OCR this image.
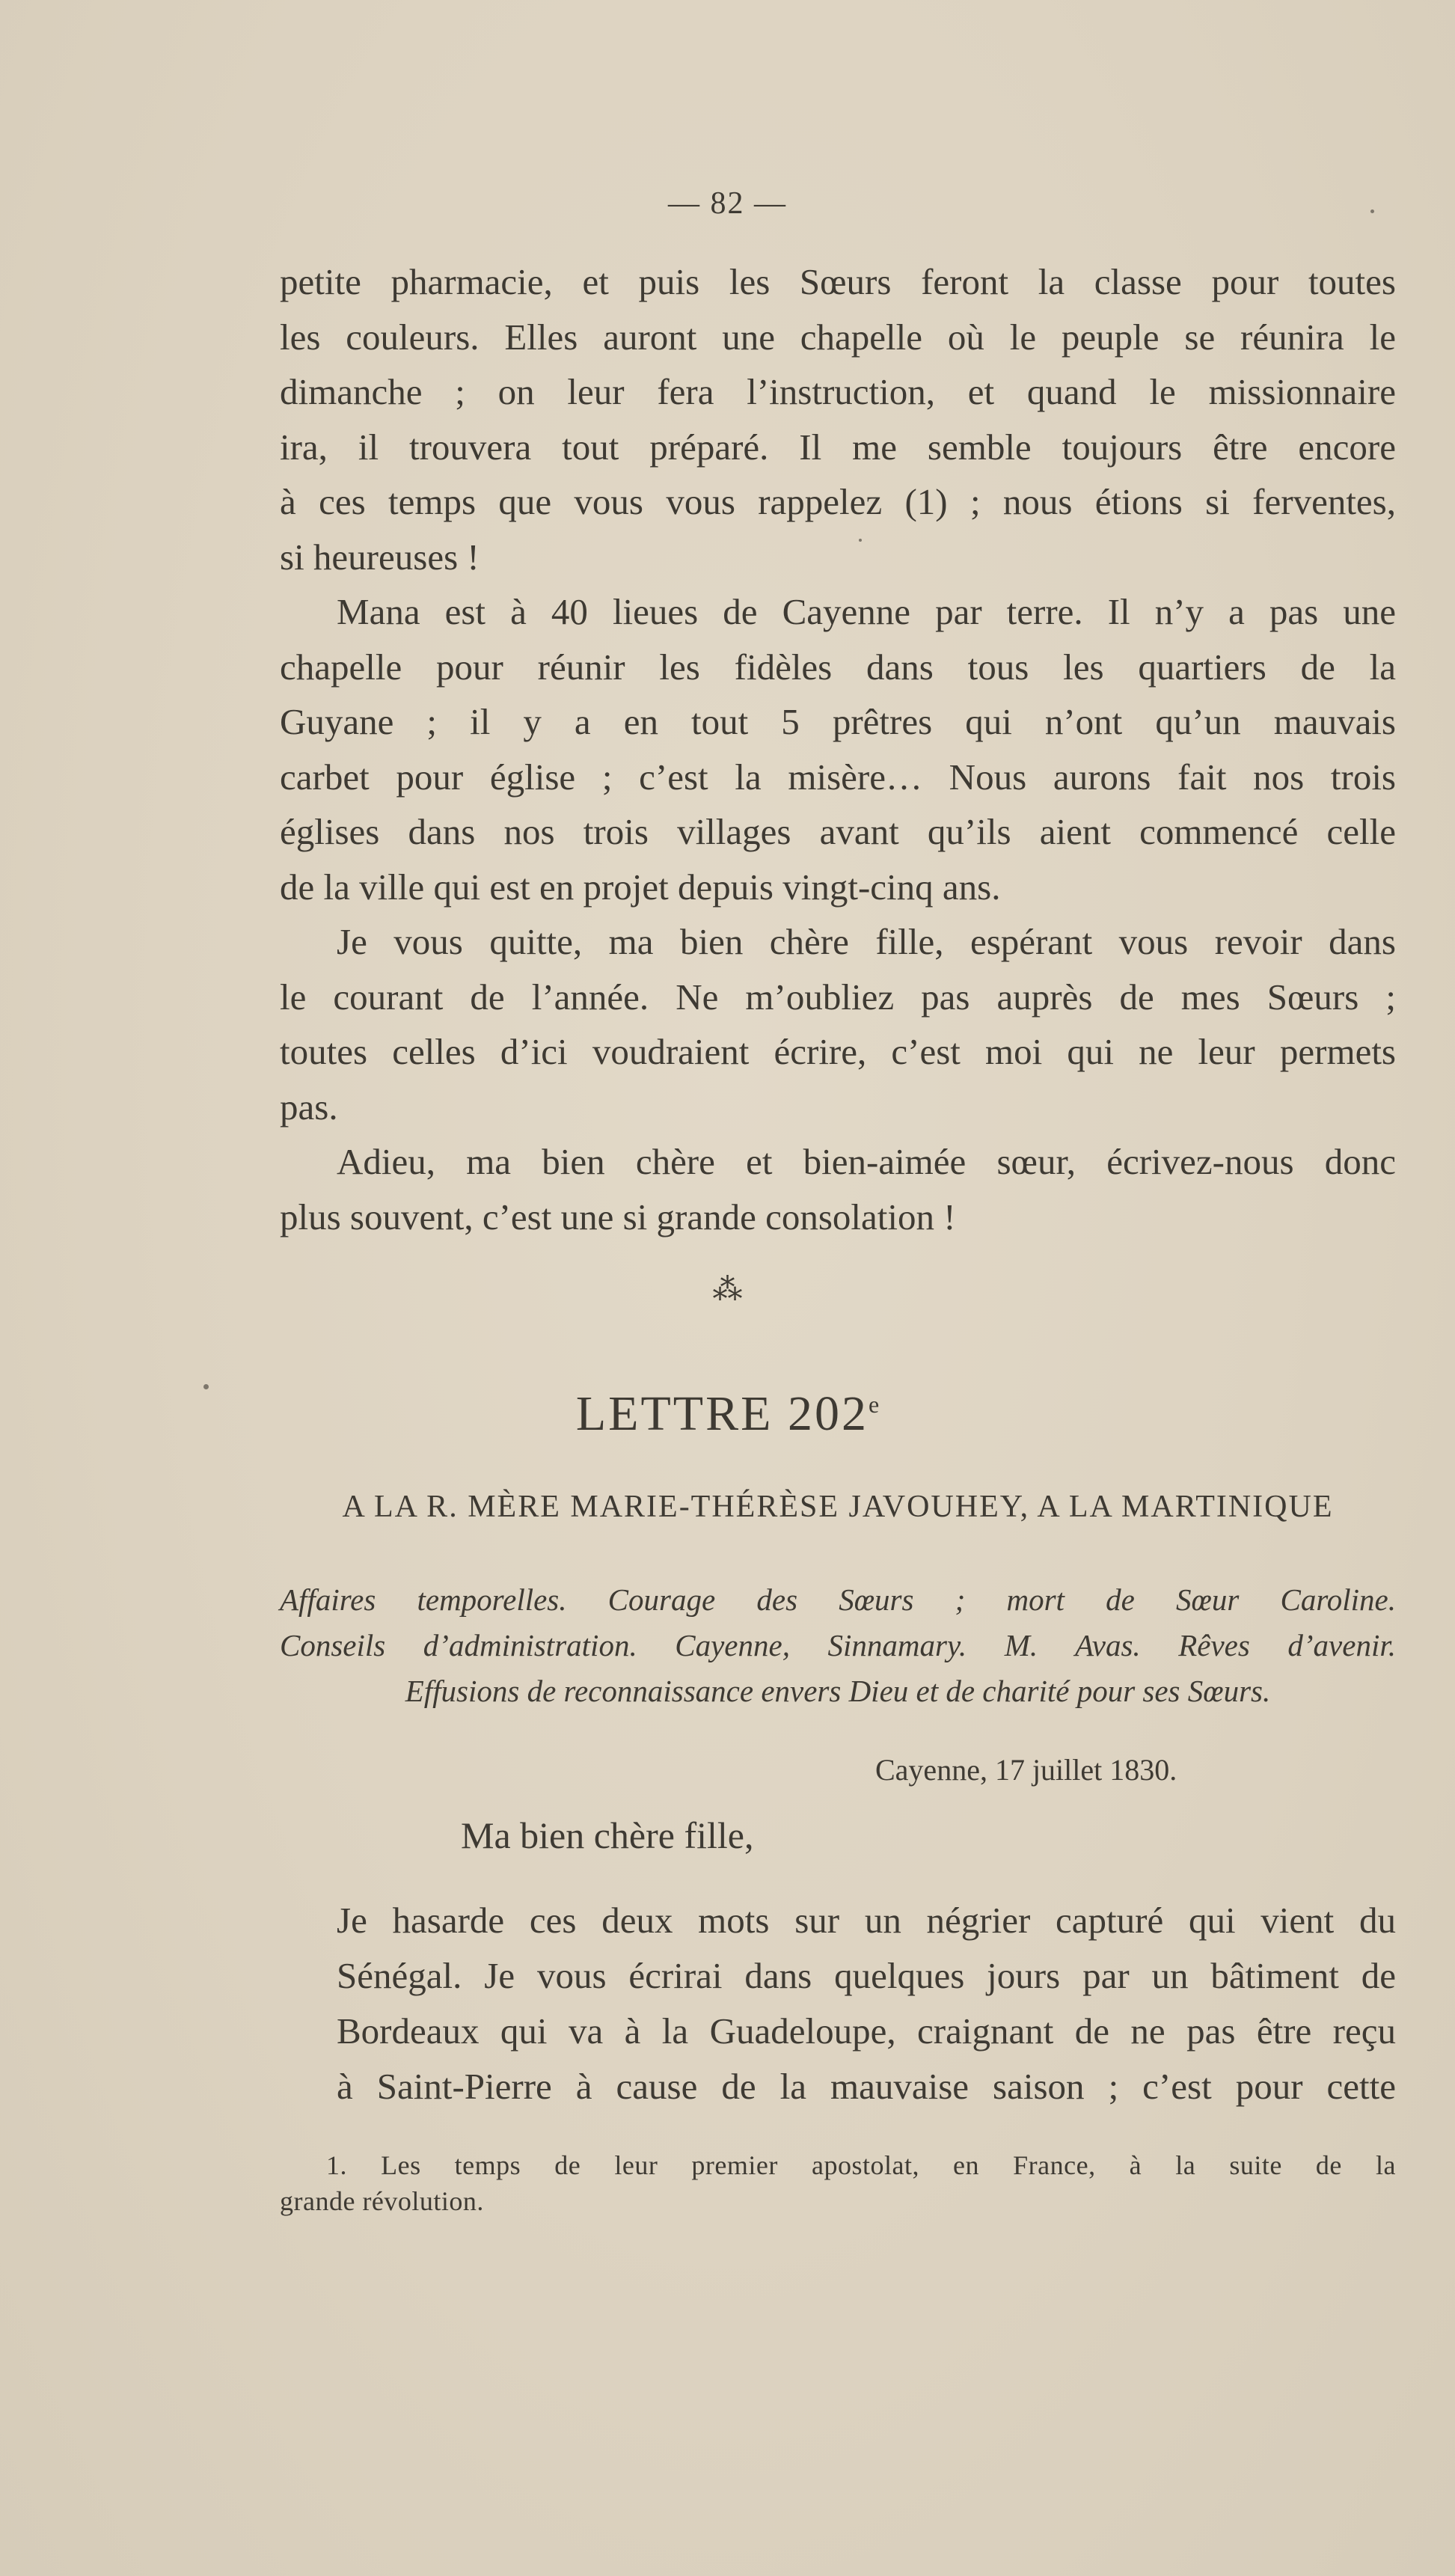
— 82 —

petite pharmacie, et puis les Sœurs feront la classe pour toutes
les couleurs. Elles auront une chapelle où le peuple se réunira le
dimanche ; on leur fera l’instruction, et quand le missionnaire
ira, il trouvera tout préparé. Il me semble toujours être encore
à ces temps que vous vous rappelez (1) ; nous étions si ferventes,
si heureuses !

Mana est à 40 lieues de Cayenne par terre. Il n’y a pas une
chapelle pour réunir les fidèles dans tous les quartiers de la
Guyane ; il y a en tout 5 prêtres qui n’ont qu’un mauvais
carbet pour église ; c’est la misère… Nous aurons fait nos trois
églises dans nos trois villages avant qu’ils aient commencé celle
de la ville qui est en projet depuis vingt-cinq ans.

Je vous quitte, ma bien chère fille, espérant vous revoir dans
le courant de l’année. Ne m’oubliez pas auprès de mes Sœurs ;
toutes celles d’ici voudraient écrire, c’est moi qui ne leur permets
pas.

Adieu, ma bien chère et bien-aimée sœur, écrivez-nous donc
plus souvent, c’est une si grande consolation !

⁂
LETTRE 202e
A LA R. MÈRE MARIE-THÉRÈSE JAVOUHEY, A LA MARTINIQUE
Affaires temporelles. Courage des Sœurs ; mort de Sœur Caroline.
Conseils d’administration. Cayenne, Sinnamary. M. Avas. Rêves d’avenir.
Effusions de reconnaissance envers Dieu et de charité pour ses Sœurs.
Cayenne, 17 juillet 1830.
Ma bien chère fille,

Je hasarde ces deux mots sur un négrier capturé qui vient du
Sénégal. Je vous écrirai dans quelques jours par un bâtiment de
Bordeaux qui va à la Guadeloupe, craignant de ne pas être reçu
à Saint-Pierre à cause de la mauvaise saison ; c’est pour cette

1. Les temps de leur premier apostolat, en France, à la suite de la
grande révolution.
